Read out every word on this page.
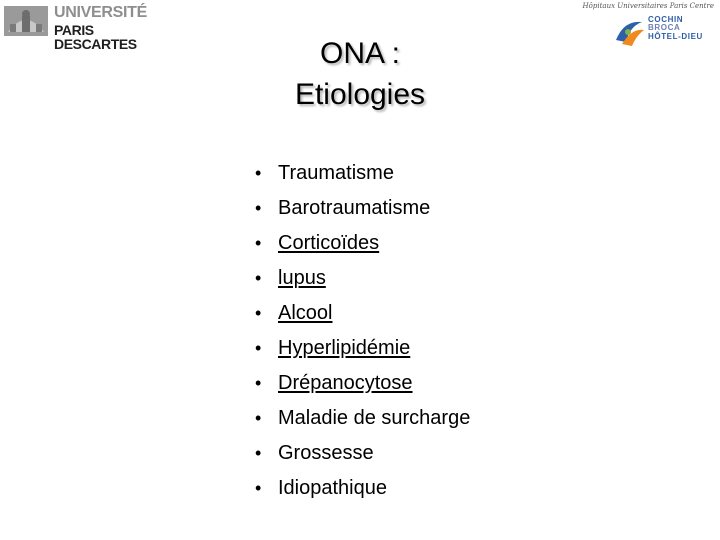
UNIVERSITÉ
PARIS DESCARTES
Hôpitaux Universitaires Paris Centre
COCHIN
BROCA
HÔTEL-DIEU
ONA :
Etiologies
• Traumatisme
• Barotraumatisme
• Corticoïdes
• lupus
• Alcool
• Hyperlipidémie
• Drépanocytose
• Maladie de surcharge
• Grossesse
• Idiopathique
